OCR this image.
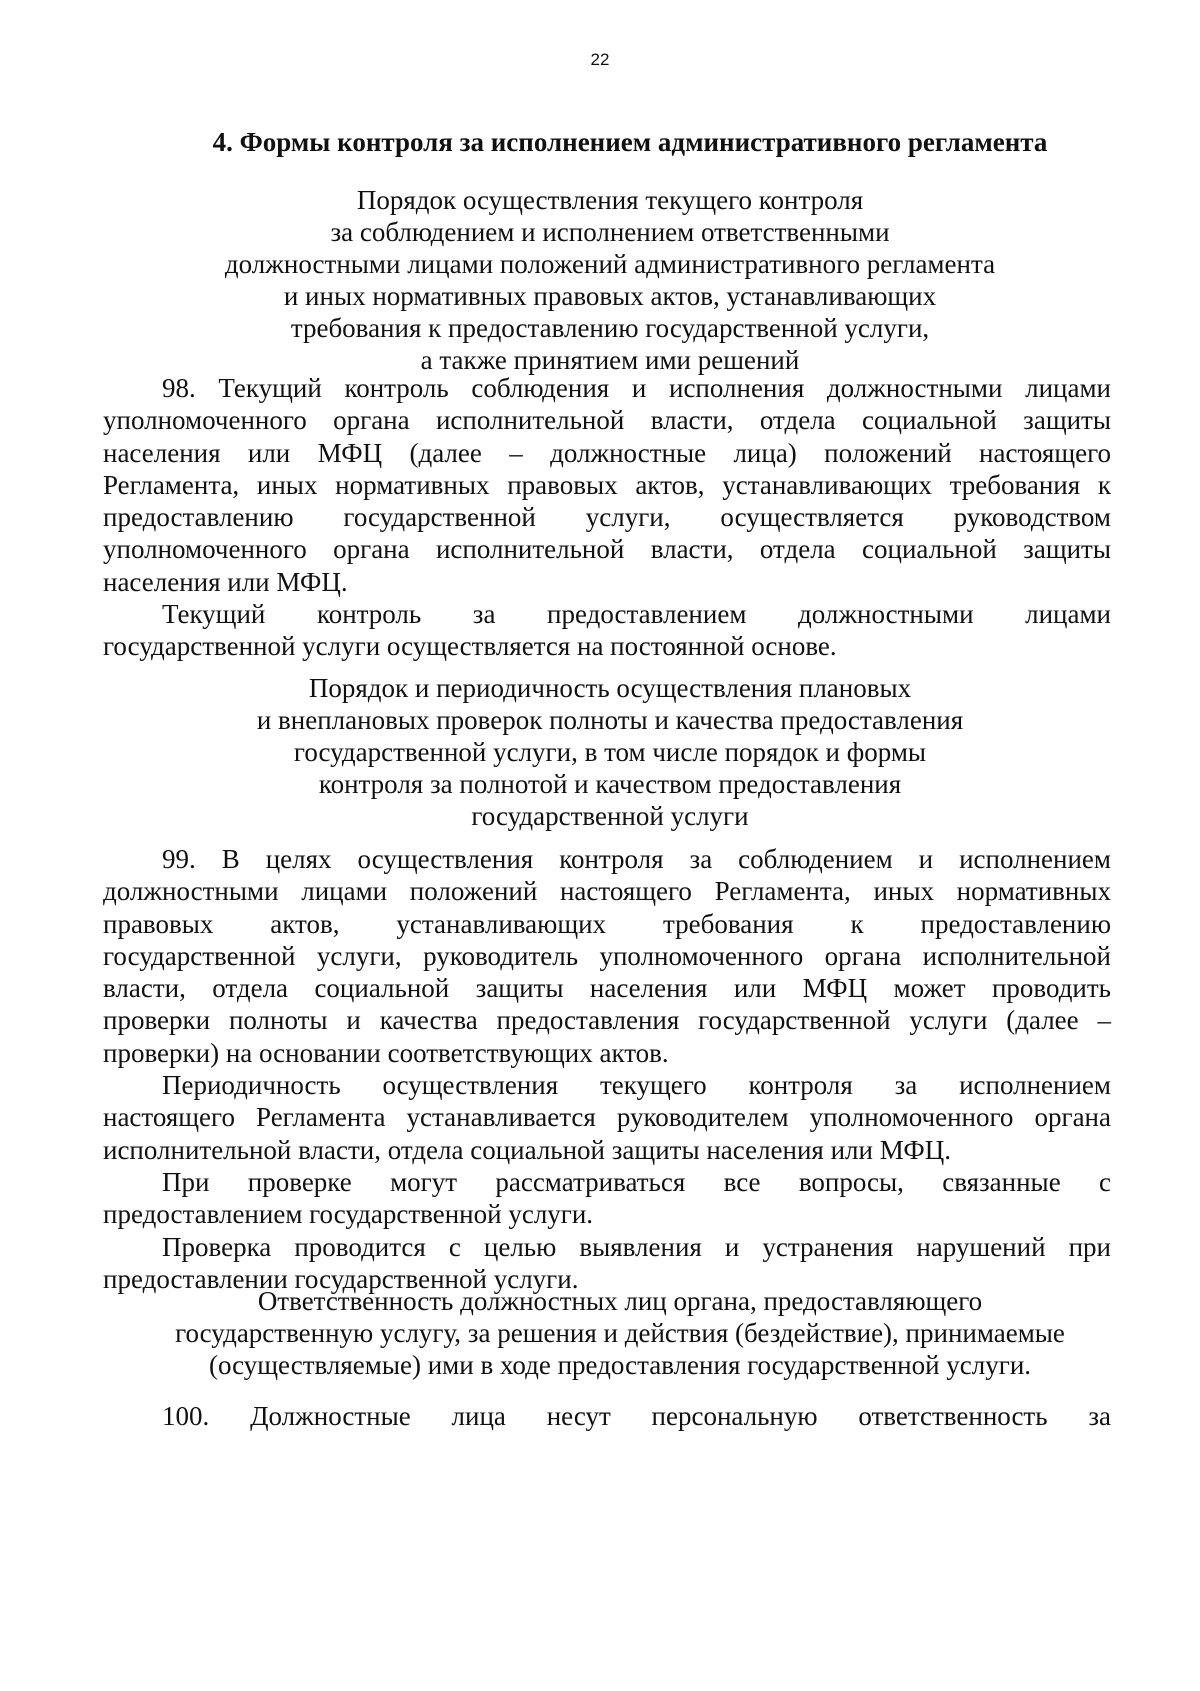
22
4. Формы контроля за исполнением административного регламента
Порядок осуществления текущего контроля
за соблюдением и исполнением ответственными
должностными лицами положений административного регламента
и иных нормативных правовых актов, устанавливающих
требования к предоставлению государственной услуги,
а также принятием ими решений
98. Текущий контроль соблюдения и исполнения должностными лицами
уполномоченного органа исполнительной власти, отдела социальной защиты
населения или МФЦ (далее – должностные лица) положений настоящего
Регламента, иных нормативных правовых актов, устанавливающих требования к
предоставлению государственной услуги, осуществляется руководством
уполномоченного органа исполнительной власти, отдела социальной защиты
населения или МФЦ.
Текущий контроль за предоставлением должностными лицами
государственной услуги осуществляется на постоянной основе.
Порядок и периодичность осуществления плановых
и внеплановых проверок полноты и качества предоставления
государственной услуги, в том числе порядок и формы
контроля за полнотой и качеством предоставления
государственной услуги
99. В целях осуществления контроля за соблюдением и исполнением
должностными лицами положений настоящего Регламента, иных нормативных
правовых актов, устанавливающих требования к предоставлению
государственной услуги, руководитель уполномоченного органа исполнительной
власти, отдела социальной защиты населения или МФЦ может проводить
проверки полноты и качества предоставления государственной услуги (далее –
проверки) на основании соответствующих актов.
Периодичность осуществления текущего контроля за исполнением
настоящего Регламента устанавливается руководителем уполномоченного органа
исполнительной власти, отдела социальной защиты населения или МФЦ.
При проверке могут рассматриваться все вопросы, связанные с
предоставлением государственной услуги.
Проверка проводится с целью выявления и устранения нарушений при
предоставлении государственной услуги.
Ответственность должностных лиц органа, предоставляющего
государственную услугу, за решения и действия (бездействие), принимаемые
(осуществляемые) ими в ходе предоставления государственной услуги.
100. Должностные лица несут персональную ответственность за
